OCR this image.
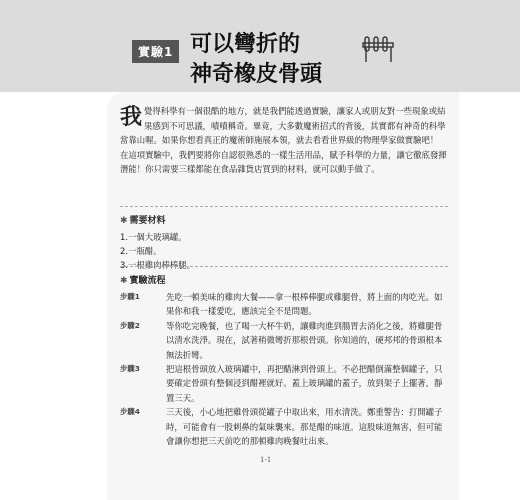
實驗1 可以彎折的
神奇橡皮骨頭
我 覺得科學有一個很酷的地方，就是我們能透過實驗，讓家人或朋友對一些現象或結果感到不可思議，嘖嘖稱奇。畢竟，大多數魔術招式的背後，其實都有神奇的科學當靠山喔。如果你想看真正的魔術師施展本領，就去看看世界級的物理學家做實驗吧！

在這項實驗中，我們要將你自認很熟悉的一樣生活用品，賦予科學的力量，讓它徹底發揮潛能！你只需要三樣都能在食品雜貨店買到的材料，就可以動手做了。

✱ 需要材料
1.一個大玻璃罐。
2.一瓶醋。
3.一根雞肉棒棒腿。
✱ 實驗流程
步驟1	先吃一頓美味的雞肉大餐——拿一根棒棒腿或雞腿骨，將上面的肉吃光。如果你和我一樣愛吃，應該完全不是問題。
步驟2	等你吃完晚餐，也了喝一大杯牛奶，讓雞肉進到腸胃去消化之後，將雞腿骨以清水洗淨。現在，試著稍微彎折那根骨頭。你知道的，硬邦邦的骨頭根本無法折彎。
步驟3	把這根骨頭放入玻璃罐中，再把醋淋到骨頭上。不必把醋倒滿整個罐子，只要確定骨頭有整個浸到醋裡就好。蓋上玻璃罐的蓋子，放到架子上擺著，靜置三天。
步驟4	三天後，小心地把雞骨頭從罐子中取出來，用水清洗。鄭重警告：打開罐子時，可能會有一股刺鼻的氣味襲來。那是醋的味道。這股味道無害，但可能會讓你想把三天前吃的那頓雞肉晚餐吐出來。
1-1
